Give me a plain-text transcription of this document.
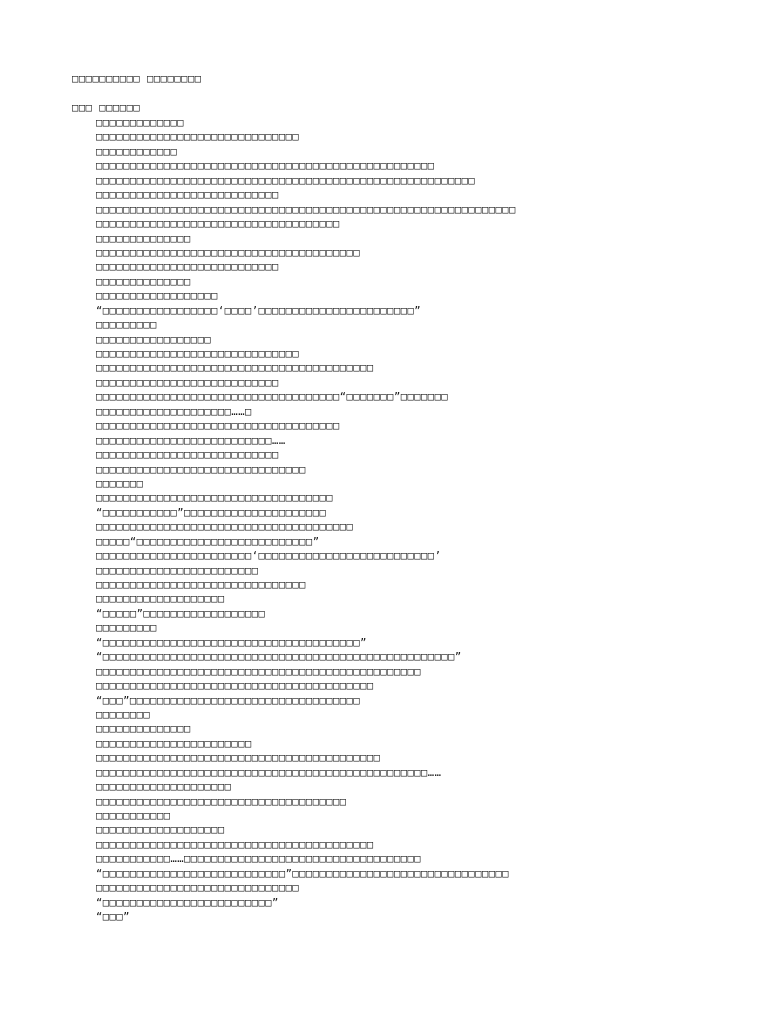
□□□□□□□□□□ □□□□□□□□
□□□ □□□□□□
□□□□□□□□□□□□□
□□□□□□□□□□□□□□□□□□□□□□□□□□□□□□
□□□□□□□□□□□□
□□□□□□□□□□□□□□□□□□□□□□□□□□□□□□□□□□□□□□□□□□□□□□□□□□
□□□□□□□□□□□□□□□□□□□□□□□□□□□□□□□□□□□□□□□□□□□□□□□□□□□□□□□□
□□□□□□□□□□□□□□□□□□□□□□□□□□□
□□□□□□□□□□□□□□□□□□□□□□□□□□□□□□□□□□□□□□□□□□□□□□□□□□□□□□□□□□□□□□
□□□□□□□□□□□□□□□□□□□□□□□□□□□□□□□□□□□□
□□□□□□□□□□□□□□
□□□□□□□□□□□□□□□□□□□□□□□□□□□□□□□□□□□□□□□
□□□□□□□□□□□□□□□□□□□□□□□□□□□
□□□□□□□□□□□□□□
□□□□□□□□□□□□□□□□□□
“□□□□□□□□□□□□□□□□□‘□□□□’□□□□□□□□□□□□□□□□□□□□□□□”
□□□□□□□□□
□□□□□□□□□□□□□□□□□
□□□□□□□□□□□□□□□□□□□□□□□□□□□□□□
□□□□□□□□□□□□□□□□□□□□□□□□□□□□□□□□□□□□□□□□□
□□□□□□□□□□□□□□□□□□□□□□□□□□□
□□□□□□□□□□□□□□□□□□□□□□□□□□□□□□□□□□□□“□□□□□□□”□□□□□□□
□□□□□□□□□□□□□□□□□□□□……□
□□□□□□□□□□□□□□□□□□□□□□□□□□□□□□□□□□□□
□□□□□□□□□□□□□□□□□□□□□□□□□□……
□□□□□□□□□□□□□□□□□□□□□□□□□□□
□□□□□□□□□□□□□□□□□□□□□□□□□□□□□□□
□□□□□□□
□□□□□□□□□□□□□□□□□□□□□□□□□□□□□□□□□□□
“□□□□□□□□□□□”□□□□□□□□□□□□□□□□□□□□□
□□□□□□□□□□□□□□□□□□□□□□□□□□□□□□□□□□□□□□
□□□□□“□□□□□□□□□□□□□□□□□□□□□□□□□□”
□□□□□□□□□□□□□□□□□□□□□□□‘□□□□□□□□□□□□□□□□□□□□□□□□□□’
□□□□□□□□□□□□□□□□□□□□□□□□
□□□□□□□□□□□□□□□□□□□□□□□□□□□□□□□
□□□□□□□□□□□□□□□□□□□
“□□□□□”□□□□□□□□□□□□□□□□□□
□□□□□□□□□
“□□□□□□□□□□□□□□□□□□□□□□□□□□□□□□□□□□□□□□”
“□□□□□□□□□□□□□□□□□□□□□□□□□□□□□□□□□□□□□□□□□□□□□□□□□□□□”
□□□□□□□□□□□□□□□□□□□□□□□□□□□□□□□□□□□□□□□□□□□□□□□□
□□□□□□□□□□□□□□□□□□□□□□□□□□□□□□□□□□□□□□□□□
“□□□”□□□□□□□□□□□□□□□□□□□□□□□□□□□□□□□□□□
□□□□□□□□
□□□□□□□□□□□□□□
□□□□□□□□□□□□□□□□□□□□□□□
□□□□□□□□□□□□□□□□□□□□□□□□□□□□□□□□□□□□□□□□□□
□□□□□□□□□□□□□□□□□□□□□□□□□□□□□□□□□□□□□□□□□□□□□□□□□……
□□□□□□□□□□□□□□□□□□□□
□□□□□□□□□□□□□□□□□□□□□□□□□□□□□□□□□□□□□
□□□□□□□□□□□
□□□□□□□□□□□□□□□□□□□
□□□□□□□□□□□□□□□□□□□□□□□□□□□□□□□□□□□□□□□□□
□□□□□□□□□□□……□□□□□□□□□□□□□□□□□□□□□□□□□□□□□□□□□□□
“□□□□□□□□□□□□□□□□□□□□□□□□□□□”□□□□□□□□□□□□□□□□□□□□□□□□□□□□□□□□
□□□□□□□□□□□□□□□□□□□□□□□□□□□□□□
“□□□□□□□□□□□□□□□□□□□□□□□□□”
“□□□”
